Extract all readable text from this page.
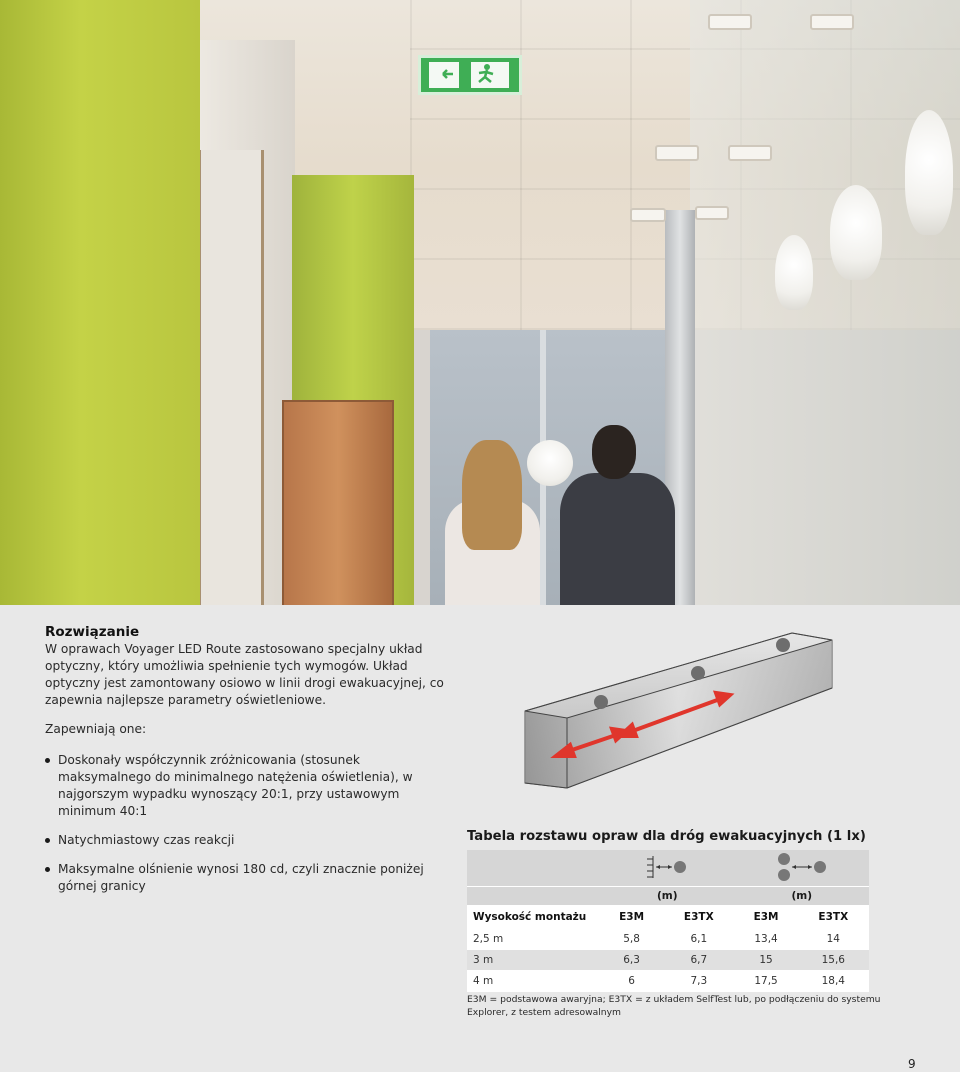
Rozwiązanie

W oprawach Voyager LED Route zastosowano specjalny układ optyczny, który umożliwia spełnienie tych wymogów. Układ optyczny jest zamontowany osiowo w linii drogi ewakuacyjnej, co zapewnia najlepsze parametry oświetleniowe.

Zapewniają one:

Doskonały współczynnik zróżnicowania (stosunek maksymalnego do minimalnego natężenia oświetlenia), w najgorszym wypadku wynoszący 20:1, przy ustawowym minimum 40:1
Natychmiastowy czas reakcji
Maksymalne olśnienie wynosi 180 cd, czyli znacznie poniżej górnej granicy
Tabela rozstawu opraw dla dróg ewakuacyjnych (1 lx)

	(m)		(m)	
Wysokość montażu	E3M	E3TX	E3M	E3TX
2,5 m	5,8	6,1	13,4	14
3 m	6,3	6,7	15	15,6
4 m	6	7,3	17,5	18,4
E3M = podstawowa awaryjna; E3TX = z układem SelfTest lub, po podłączeniu do systemu Explorer, z testem adresowalnym
9
